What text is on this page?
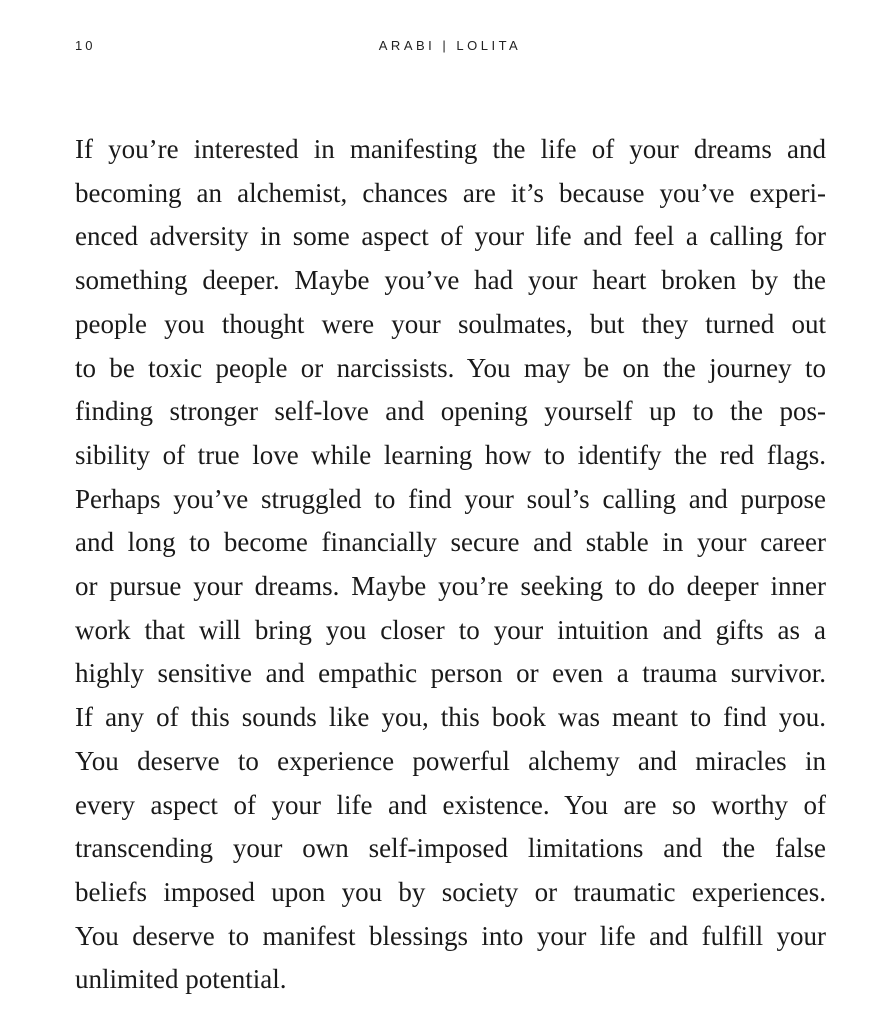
10	ARABI | LOLITA
If you’re interested in manifesting the life of your dreams and
becoming an alchemist, chances are it’s because you’ve experi-
enced adversity in some aspect of your life and feel a calling for
something deeper. Maybe you’ve had your heart broken by the
people you thought were your soulmates, but they turned out
to be toxic people or narcissists. You may be on the journey to
finding stronger self-love and opening yourself up to the pos-
sibility of true love while learning how to identify the red flags.
Perhaps you’ve struggled to find your soul’s calling and purpose
and long to become financially secure and stable in your career
or pursue your dreams. Maybe you’re seeking to do deeper inner
work that will bring you closer to your intuition and gifts as a
highly sensitive and empathic person or even a trauma survivor.
If any of this sounds like you, this book was meant to find you.
You deserve to experience powerful alchemy and miracles in
every aspect of your life and existence. You are so worthy of
transcending your own self-imposed limitations and the false
beliefs imposed upon you by society or traumatic experiences.
You deserve to manifest blessings into your life and fulfill your
unlimited potential.
